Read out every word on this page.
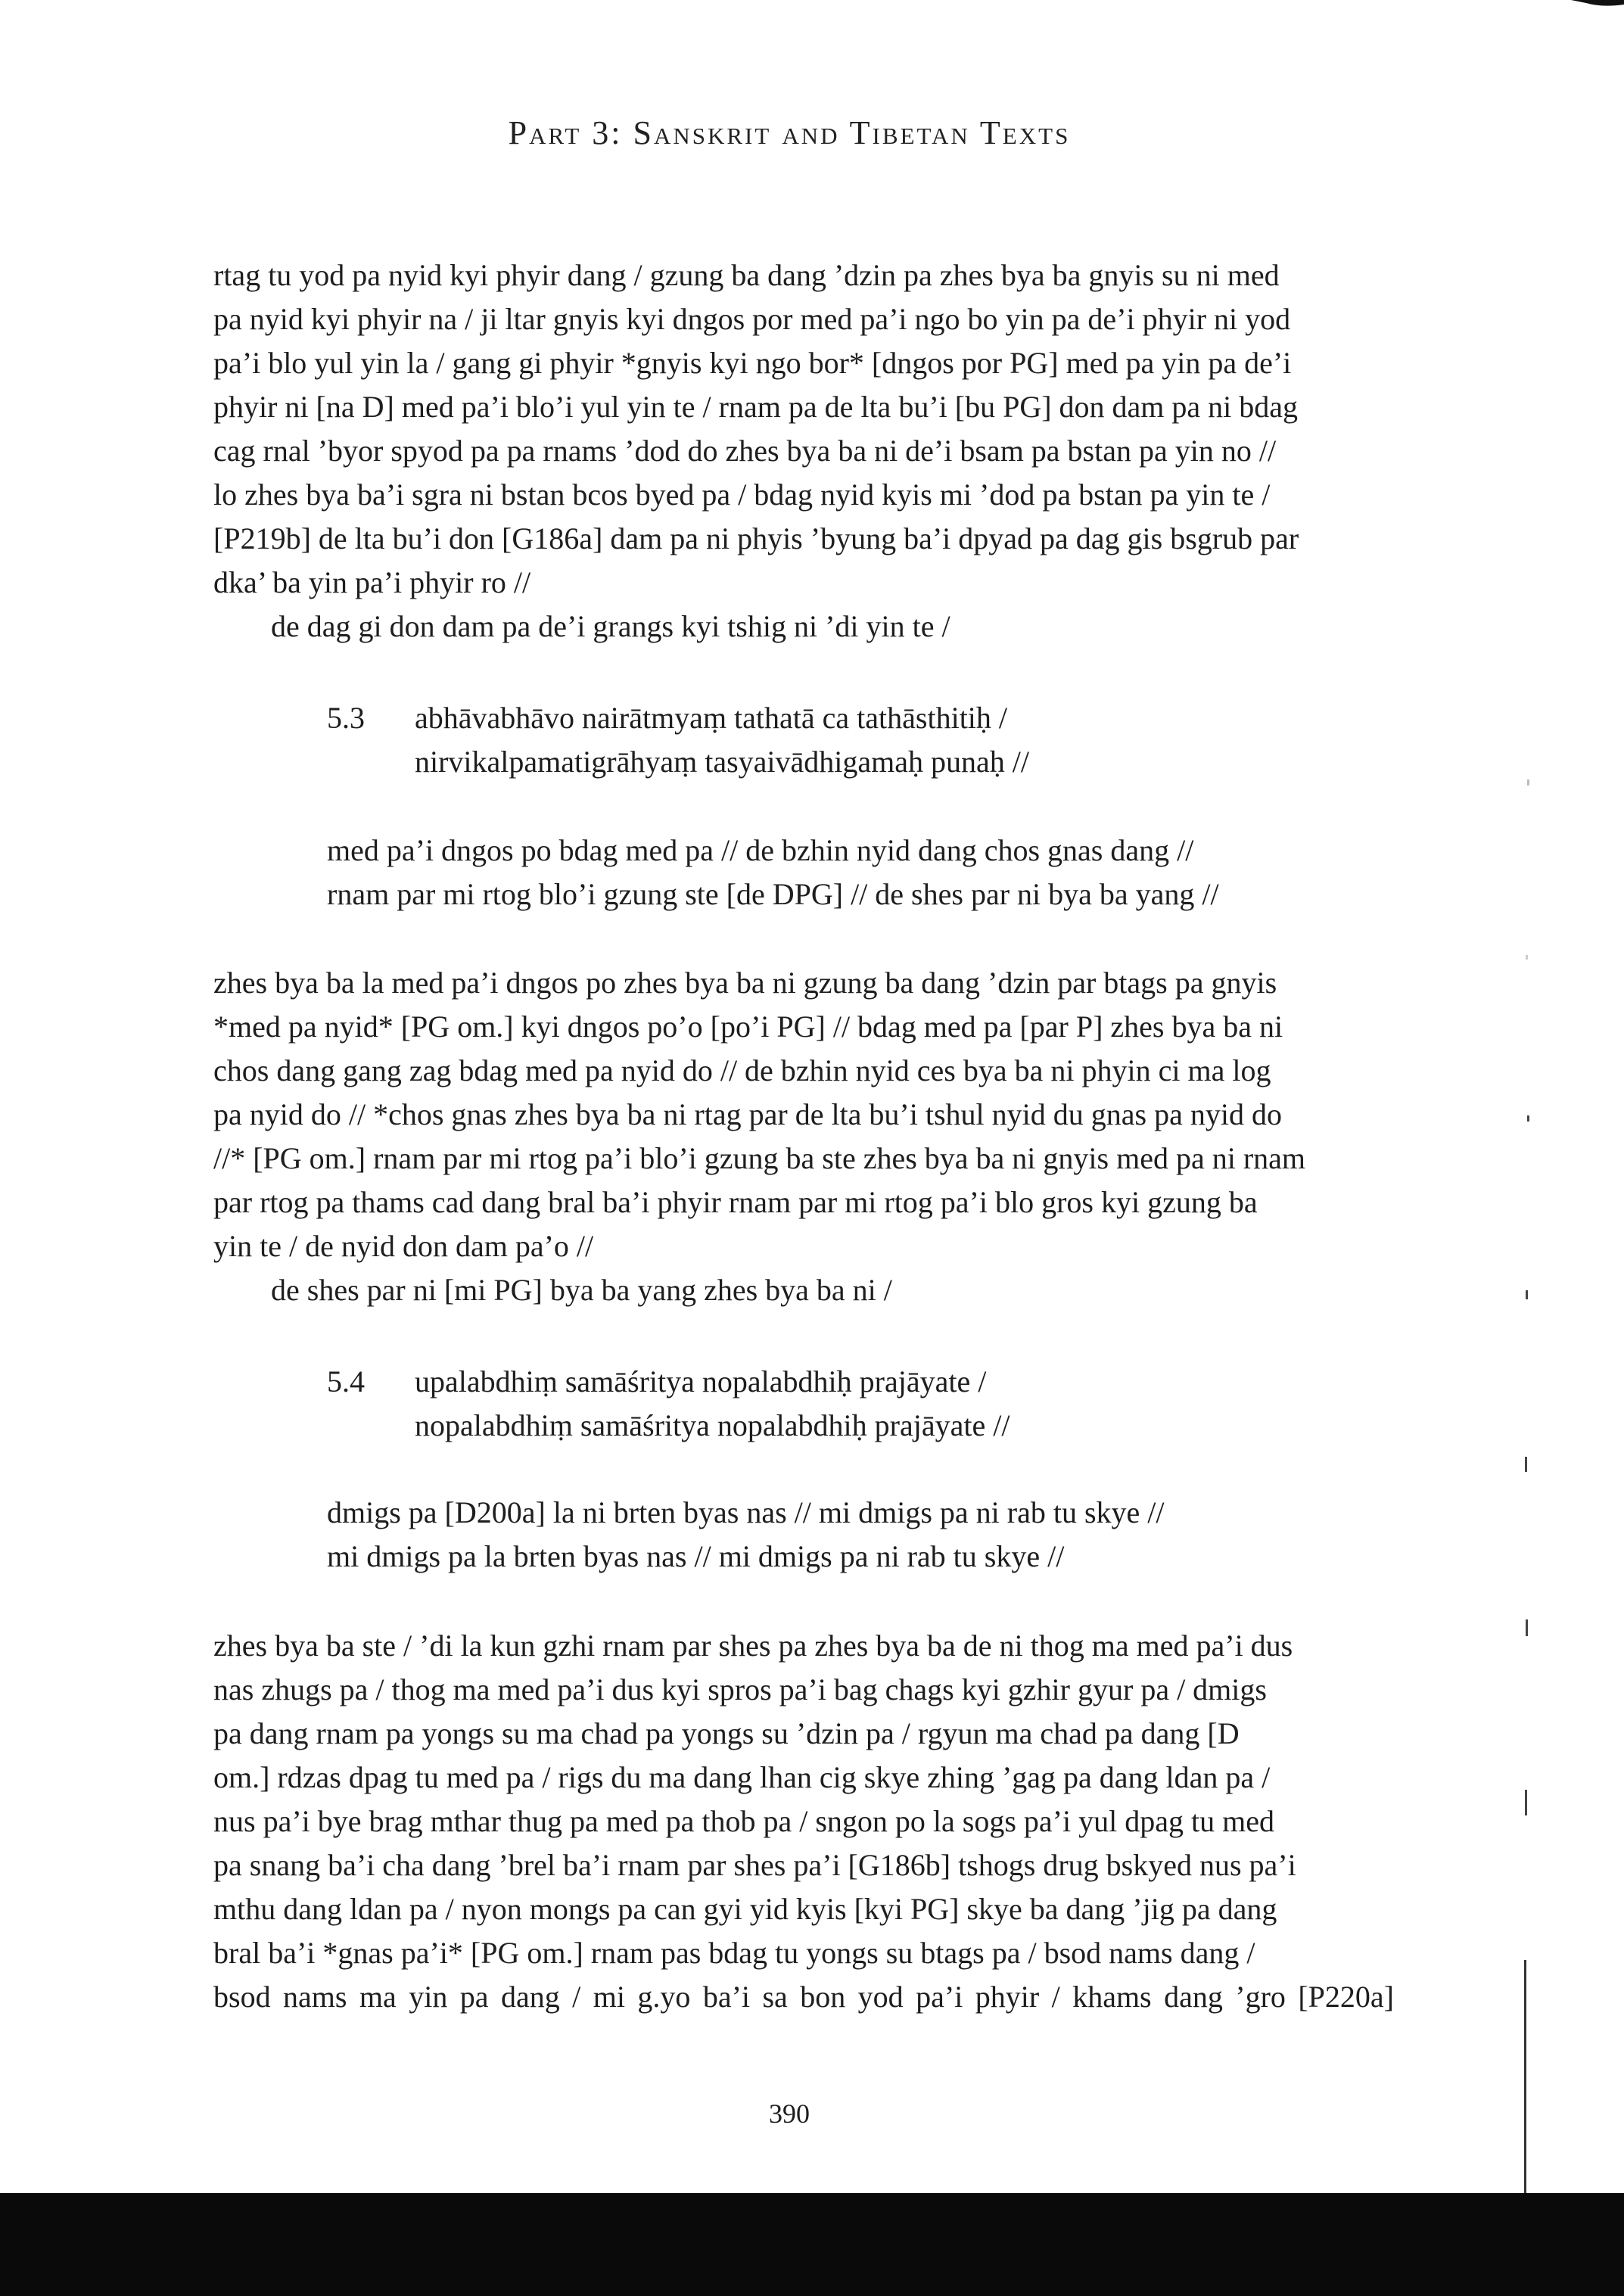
Part 3: Sanskrit and Tibetan Texts

rtag tu yod pa nyid kyi phyir dang / gzung ba dang ’dzin pa zhes bya ba gnyis su ni med

pa nyid kyi phyir na / ji ltar gnyis kyi dngos por med pa’i ngo bo yin pa de’i phyir ni yod

pa’i blo yul yin la / gang gi phyir *gnyis kyi ngo bor* [dngos por PG] med pa yin pa de’i

phyir ni [na D] med pa’i blo’i yul yin te / rnam pa de lta bu’i [bu PG] don dam pa ni bdag

cag rnal ’byor spyod pa pa rnams ’dod do zhes bya ba ni de’i bsam pa bstan pa yin no //

lo zhes bya ba’i sgra ni bstan bcos byed pa / bdag nyid kyis mi ’dod pa bstan pa yin te /

[P219b] de lta bu’i don [G186a] dam pa ni phyis ’byung ba’i dpyad pa dag gis bsgrub par

dka’ ba yin pa’i phyir ro //

de dag gi don dam pa de’i grangs kyi tshig ni ’di yin te /

5.3	abhāvabhāvo nairātmyaṃ tathatā ca tathāsthitiḥ /
nirvikalpamatigrāhyaṃ tasyaivādhigamaḥ punaḥ //
med pa’i dngos po bdag med pa // de bzhin nyid dang chos gnas dang //
rnam par mi rtog blo’i gzung ste [de DPG] // de shes par ni bya ba yang //

zhes bya ba la med pa’i dngos po zhes bya ba ni gzung ba dang ’dzin par btags pa gnyis

*med pa nyid* [PG om.] kyi dngos po’o [po’i PG] // bdag med pa [par P] zhes bya ba ni

chos dang gang zag bdag med pa nyid do // de bzhin nyid ces bya ba ni phyin ci ma log

pa nyid do // *chos gnas zhes bya ba ni rtag par de lta bu’i tshul nyid du gnas pa nyid do

//* [PG om.] rnam par mi rtog pa’i blo’i gzung ba ste zhes bya ba ni gnyis med pa ni rnam

par rtog pa thams cad dang bral ba’i phyir rnam par mi rtog pa’i blo gros kyi gzung ba

yin te / de nyid don dam pa’o //

de shes par ni [mi PG] bya ba yang zhes bya ba ni /

5.4	upalabdhiṃ samāśritya nopalabdhiḥ prajāyate /
nopalabdhiṃ samāśritya nopalabdhiḥ prajāyate //
dmigs pa [D200a] la ni brten byas nas // mi dmigs pa ni rab tu skye //
mi dmigs pa la brten byas nas // mi dmigs pa ni rab tu skye //

zhes bya ba ste / ’di la kun gzhi rnam par shes pa zhes bya ba de ni thog ma med pa’i dus

nas zhugs pa / thog ma med pa’i dus kyi spros pa’i bag chags kyi gzhir gyur pa / dmigs

pa dang rnam pa yongs su ma chad pa yongs su ’dzin pa / rgyun ma chad pa dang [D

om.] rdzas dpag tu med pa / rigs du ma dang lhan cig skye zhing ’gag pa dang ldan pa /

nus pa’i bye brag mthar thug pa med pa thob pa / sngon po la sogs pa’i yul dpag tu med

pa snang ba’i cha dang ’brel ba’i rnam par shes pa’i [G186b] tshogs drug bskyed nus pa’i

mthu dang ldan pa / nyon mongs pa can gyi yid kyis [kyi PG] skye ba dang ’jig pa dang

bral ba’i *gnas pa’i* [PG om.] rnam pas bdag tu yongs su btags pa / bsod nams dang /

bsod nams ma yin pa dang / mi g.yo ba’i sa bon yod pa’i phyir / khams dang ’gro [P220a]

390
